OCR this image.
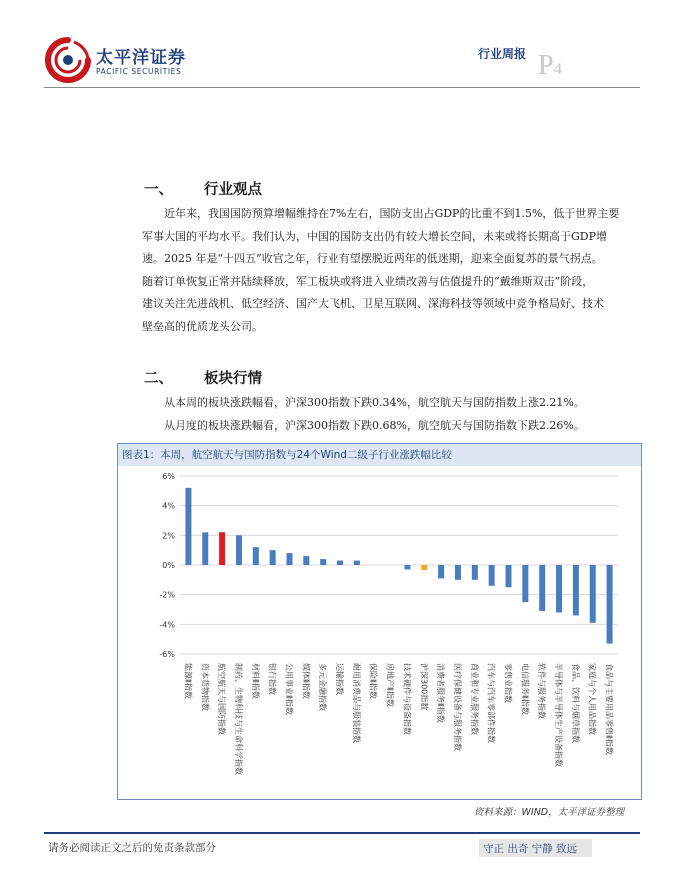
太平洋证券
PACIFIC SECURITIES
行业周报 P4
一、 行业观点
近年来，我国国防预算增幅维持在7%左右，国防支出占GDP的比重不到1.5%，低于世界主要
军事大国的平均水平。我们认为，中国的国防支出仍有较大增长空间，未来或将长期高于GDP增
速。2025 年是“十四五”收官之年，行业有望摆脱近两年的低迷期，迎来全面复苏的景气拐点。
随着订单恢复正常并陆续释放，军工板块或将进入业绩改善与估值提升的“戴维斯双击”阶段，
建议关注先进战机、低空经济、国产大飞机、卫星互联网、深海科技等领域中竞争格局好、技术
壁垒高的优质龙头公司。
二、 板块行情
从本周的板块涨跌幅看，沪深300指数下跌0.34%，航空航天与国防指数上涨2.21%。
从月度的板块涨跌幅看，沪深300指数下跌0.68%，航空航天与国防指数下跌2.26%。
图表1：本周，航空航天与国防指数与24个Wind二级子行业涨跌幅比较
6%
4%
2%
0%
-2%
-4%
-6%
能源Ⅱ指数 资本货物指数 航空航天与国防指数 制药、生物科技与生命科学指数 材料Ⅱ指数 银行指数 公用事业Ⅱ指数 媒体Ⅱ指数 多元金融指数 运输指数 耐用消费品与服装指数 保险Ⅱ指数 房地产Ⅱ指数 技术硬件与设备指数 沪深300指数 消费者服务Ⅱ指数 医疗保健设备与服务指数 商业和专业服务指数 汽车与汽车零部件指数 零售业指数 电信服务Ⅱ指数 软件与服务指数 半导体与半导体生产设备指数 食品、饮料与烟草指数 家庭与个人用品指数 食品与主要用品零售Ⅱ指数
资料来源：WIND，太平洋证券整理
请务必阅读正文之后的免责条款部分	守正 出奇 宁静 致远
